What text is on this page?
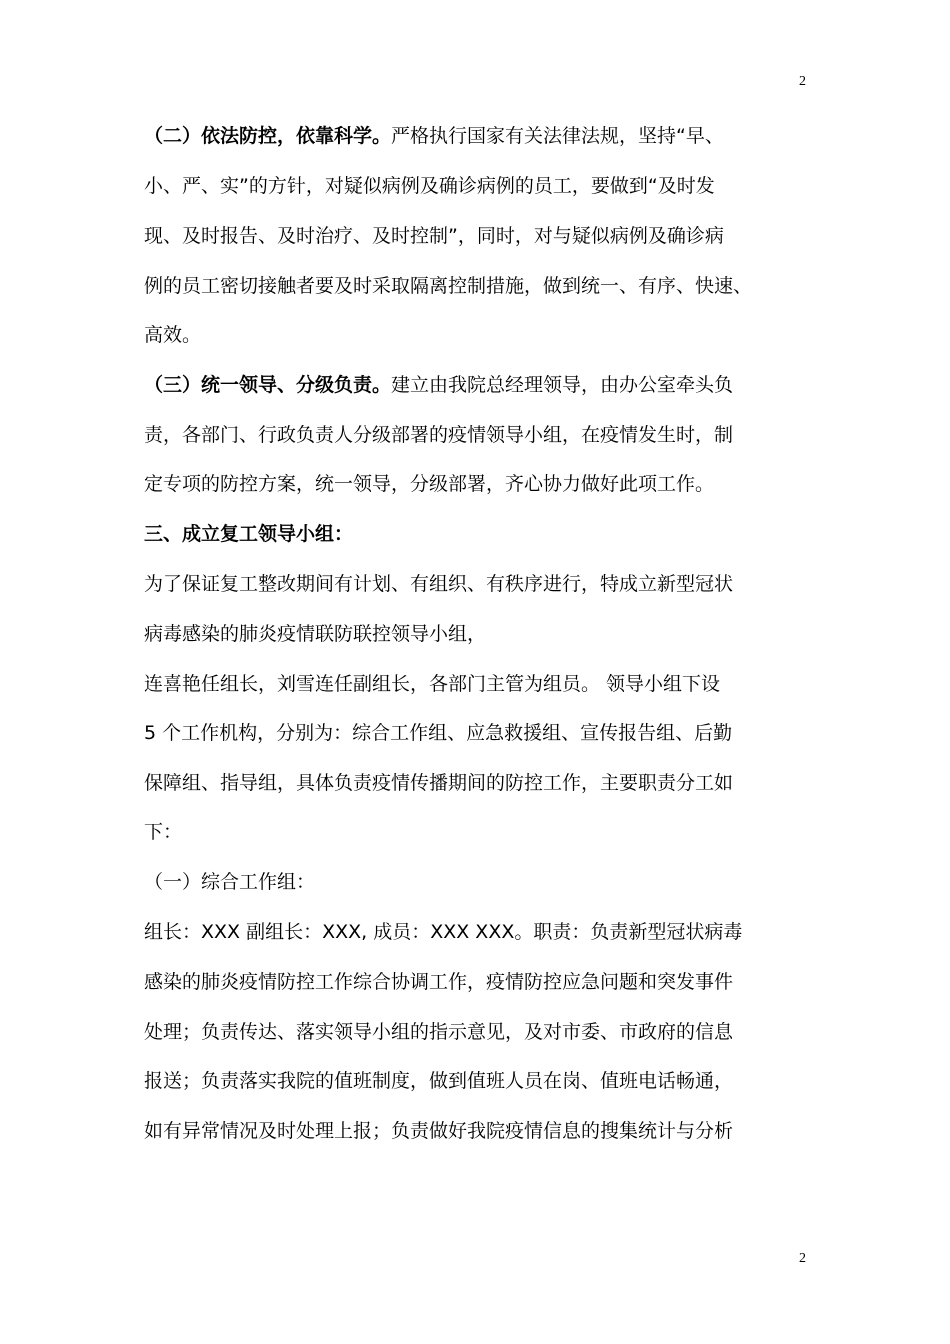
2
（二）依法防控，依靠科学。严格执行国家有关法律法规，坚持“早、
小、严、实”的方针，对疑似病例及确诊病例的员工，要做到“及时发
现、及时报告、及时治疗、及时控制”，同时，对与疑似病例及确诊病
例的员工密切接触者要及时采取隔离控制措施，做到统一、有序、快速、
高效。
（三）统一领导、分级负责。建立由我院总经理领导，由办公室牵头负
责，各部门、行政负责人分级部署的疫情领导小组，在疫情发生时，制
定专项的防控方案，统一领导，分级部署，齐心协力做好此项工作。
三、成立复工领导小组：
为了保证复工整改期间有计划、有组织、有秩序进行，特成立新型冠状
病毒感染的肺炎疫情联防联控领导小组，
连喜艳任组长，刘雪连任副组长，各部门主管为组员。 领导小组下设
5 个工作机构，分别为：综合工作组、应急救援组、宣传报告组、后勤
保障组、指导组，具体负责疫情传播期间的防控工作，主要职责分工如
下：
（一）综合工作组：
组长：XXX 副组长：XXX, 成员：XXX XXX。职责：负责新型冠状病毒
感染的肺炎疫情防控工作综合协调工作，疫情防控应急问题和突发事件
处理；负责传达、落实领导小组的指示意见，及对市委、市政府的信息
报送；负责落实我院的值班制度，做到值班人员在岗、值班电话畅通，
如有异常情况及时处理上报；负责做好我院疫情信息的搜集统计与分析
2
